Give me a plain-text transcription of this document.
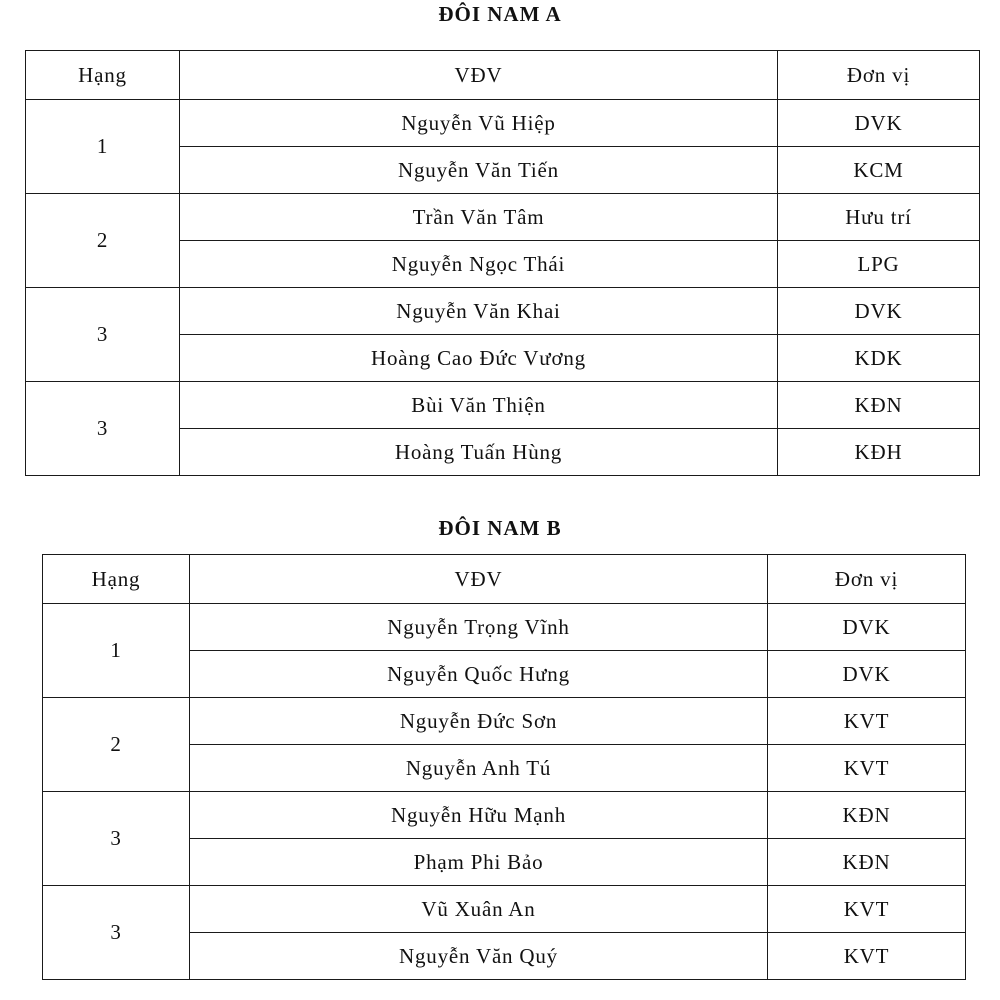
ĐÔI NAM A
Hạng	VĐV	Đơn vị
1	Nguyễn Vũ Hiệp	DVK
	Nguyễn Văn Tiến	KCM
2	Trần Văn Tâm	Hưu trí
	Nguyễn Ngọc Thái	LPG
3	Nguyễn Văn Khai	DVK
	Hoàng Cao Đức Vương	KDK
3	Bùi Văn Thiện	KĐN
	Hoàng Tuấn Hùng	KĐH
ĐÔI NAM B
Hạng	VĐV	Đơn vị
1	Nguyễn Trọng Vĩnh	DVK
	Nguyễn Quốc Hưng	DVK
2	Nguyễn Đức Sơn	KVT
	Nguyễn Anh Tú	KVT
3	Nguyễn Hữu Mạnh	KĐN
	Phạm Phi Bảo	KĐN
3	Vũ Xuân An	KVT
	Nguyễn Văn Quý	KVT
